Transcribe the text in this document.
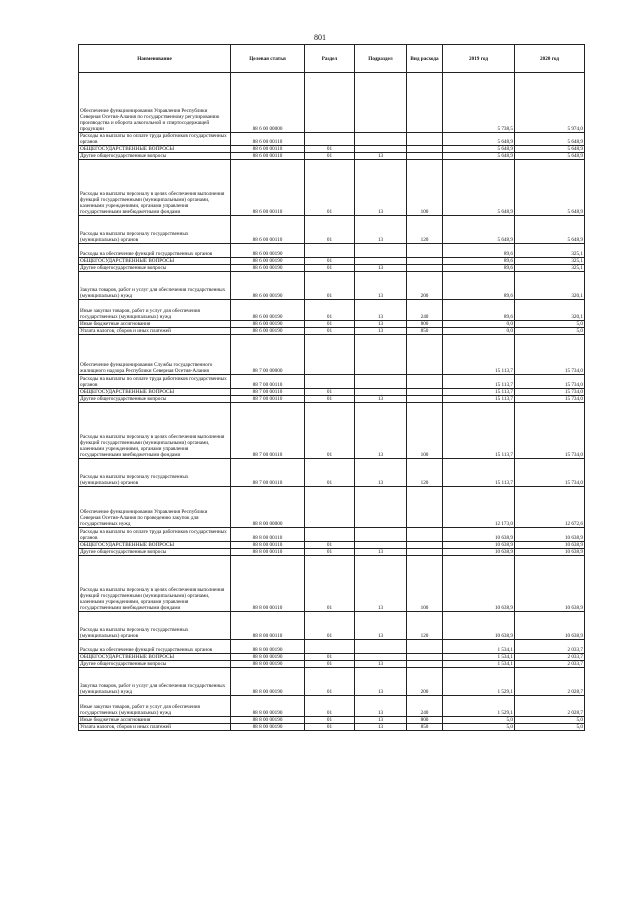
801
Наименование	Целевая статья	Раздел	Подраздел	Вид расхода	2019 год	2020 год
Обеспечение функционирования Управления Республики Северная Осетия-Алания по государственному регулированию производства и оборота алкогольной и спиртосодержащей продукции	88 6 00 00000				5 738,5	5 974,0
Расходы на выплаты по оплате труда работников государственных органов	88 6 00 00110				5 648,9	5 648,9
ОБЩЕГОСУДАРСТВЕННЫЕ ВОПРОСЫ	88 6 00 00110	01			5 648,9	5 648,9
Другие общегосударственные вопросы	88 6 00 00110	01	13		5 648,9	5 648,9
Расходы на выплаты персоналу в целях обеспечения выполнения функций государственными (муниципальными) органами, казенными учреждениями, органами управления государственными внебюджетными фондами	88 6 00 00110	01	13	100	5 648,9	5 648,9
Расходы на выплаты персоналу государственных (муниципальных) органов	88 6 00 00110	01	13	120	5 648,9	5 648,9
Расходы на обеспечение функций государственных органов	88 6 00 00190				89,6	325,1
ОБЩЕГОСУДАРСТВЕННЫЕ ВОПРОСЫ	88 6 00 00190	01			89,6	325,1
Другие общегосударственные вопросы	88 6 00 00190	01	13		89,6	325,1
Закупка товаров, работ и услуг для обеспечения государственных (муниципальных) нужд	88 6 00 00190	01	13	200	89,6	320,1
Иные закупки товаров, работ и услуг для обеспечения государственных (муниципальных) нужд	88 6 00 00190	01	13	240	89,6	320,1
Иные бюджетные ассигнования	88 6 00 00190	01	13	800	0,0	5,0
Уплата налогов, сборов и иных платежей	88 6 00 00190	01	13	850	0,0	5,0
Обеспечение функционирования Службы государственного жилищного надзора Республики Северная Осетия-Алания	88 7 00 00000				15 113,7	15 734,0
Расходы на выплаты по оплате труда работников государственных органов	88 7 00 00110				15 113,7	15 734,0
ОБЩЕГОСУДАРСТВЕННЫЕ ВОПРОСЫ	88 7 00 00110	01			15 113,7	15 734,0
Другие общегосударственные вопросы	88 7 00 00110	01	13		15 113,7	15 734,0
Расходы на выплаты персоналу в целях обеспечения выполнения функций государственными (муниципальными) органами, казенными учреждениями, органами управления государственными внебюджетными фондами	88 7 00 00110	01	13	100	15 113,7	15 734,0
Расходы на выплаты персоналу государственных (муниципальных) органов	88 7 00 00110	01	13	120	15 113,7	15 734,0
Обеспечение функционирования Управления Республики Северная Осетия-Алания по проведению закупок для государственных нужд	88 8 00 00000				12 173,0	12 672,6
Расходы на выплаты по оплате труда работников государственных органов	88 8 00 00110				10 638,9	10 638,9
ОБЩЕГОСУДАРСТВЕННЫЕ ВОПРОСЫ	88 8 00 00110	01			10 638,9	10 638,9
Другие общегосударственные вопросы	88 8 00 00110	01	13		10 638,9	10 638,9
Расходы на выплаты персоналу в целях обеспечения выполнения функций государственными (муниципальными) органами, казенными учреждениями, органами управления государственными внебюджетными фондами	88 8 00 00110	01	13	100	10 638,9	10 638,9
Расходы на выплаты персоналу государственных (муниципальных) органов	88 8 00 00110	01	13	120	10 638,9	10 638,9
Расходы на обеспечение функций государственных органов	88 8 00 00190				1 534,1	2 033,7
ОБЩЕГОСУДАРСТВЕННЫЕ ВОПРОСЫ	88 8 00 00190	01			1 534,1	2 033,7
Другие общегосударственные вопросы	88 8 00 00190	01	13		1 534,1	2 033,7
Закупка товаров, работ и услуг для обеспечения государственных (муниципальных) нужд	88 8 00 00190	01	13	200	1 529,1	2 028,7
Иные закупки товаров, работ и услуг для обеспечения государственных (муниципальных) нужд	88 8 00 00190	01	13	240	1 529,1	2 028,7
Иные бюджетные ассигнования	88 8 00 00190	01	13	800	5,0	5,0
Уплата налогов, сборов и иных платежей	88 8 00 00190	01	13	850	5,0	5,0
